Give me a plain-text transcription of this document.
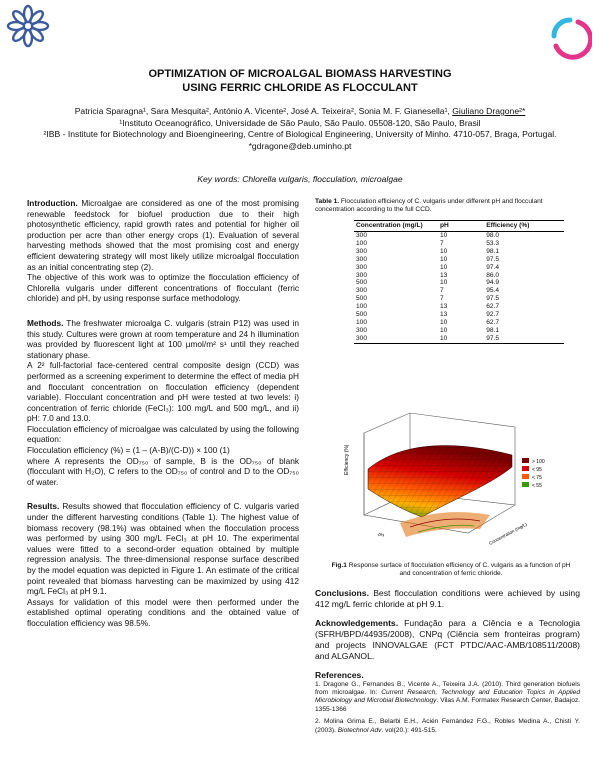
OPTIMIZATION OF MICROALGAL BIOMASS HARVESTING
USING FERRIC CHLORIDE AS FLOCCULANT
Patricia Sparagna¹, Sara Mesquita², António A. Vicente², José A. Teixeira², Sonia M. F. Gianesella¹, Giuliano Dragone²*
¹Instituto Oceanográfico, Universidade de São Paulo, São Paulo. 05508-120, São Paulo, Brasil
²IBB - Institute for Biotechnology and Bioengineering, Centre of Biological Engineering, University of Minho. 4710-057, Braga, Portugal.
*gdragone@deb.uminho.pt
Key words: Chlorella vulgaris, flocculation, microalgae

Introduction. Microalgae are considered as one of the most promising renewable feedstock for biofuel production due to their high photosynthetic efficiency, rapid growth rates and potential for higher oil production per acre than other energy crops (1). Evaluation of several harvesting methods showed that the most promising cost and energy efficient dewatering strategy will most likely utilize microalgal flocculation as an initial concentrating step (2).

The objective of this work was to optimize the flocculation efficiency of Chlorella vulgaris under different concentrations of flocculant (ferric chloride) and pH, by using response surface methodology.

Methods. The freshwater microalga C. vulgaris (strain P12) was used in this study. Cultures were grown at room temperature and 24 h illumination was provided by fluorescent light at 100 µmol/m² s¹ until they reached stationary phase.

A 2² full-factorial face-centered central composite design (CCD) was performed as a screening experiment to determine the effect of media pH and flocculant concentration on flocculation efficiency (dependent variable). Flocculant concentration and pH were tested at two levels: i) concentration of ferric chloride (FeCl₃): 100 mg/L and 500 mg/L, and ii) pH: 7.0 and 13.0.

Flocculation efficiency of microalgae was calculated by using the following equation:

Flocculation efficiency (%) = (1 – (A-B)/(C-D)) × 100 (1)

where A represents the OD₇₅₀ of sample, B is the OD₇₅₀ of blank (flocculant with H₂O), C refers to the OD₇₅₀ of control and D to the OD₇₅₀ of water.

Results. Results showed that flocculation efficiency of C. vulgaris varied under the different harvesting conditions (Table 1). The highest value of biomass recovery (98.1%) was obtained when the flocculation process was performed by using 300 mg/L FeCl₃ at pH 10. The experimental values were fitted to a second-order equation obtained by multiple regression analysis. The three-dimensional response surface described by the model equation was depicted in Figure 1. An estimate of the critical point revealed that biomass harvesting can be maximized by using 412 mg/L FeCl₃ at pH 9.1.

Assays for validation of this model were then performed under the established optimal operating conditions and the obtained value of flocculation efficiency was 98.5%.

Table 1. Flocculation efficiency of C. vulgaris under different pH and flocculant concentration according to the full CCD.
Concentration (mg/L)	pH	Efficiency (%)
300	10	98.0
100	7	53.3
300	10	98.1
300	10	97.5
300	10	97.4
300	13	86.0
500	10	94.9
300	7	95.4
500	7	97.5
100	13	62.7
500	13	92.7
100	10	62.7
300	10	98.1
300	10	97.5
Efficiency (%)
pH	Concentration (mg/L)
> 100
< 95
< 75
< 55
Fig.1 Response surface of flocculation efficiency of C. vulgaris as a function of pH and concentration of ferric chloride.

Conclusions. Best flocculation conditions were achieved by using 412 mg/L ferric chloride at pH 9.1.

Acknowledgements. Fundação para a Ciência e a Tecnologia (SFRH/BPD/44935/2008), CNPq (Ciência sem fronteiras program) and projects INNOVALGAE (FCT PTDC/AAC-AMB/108511/2008) and ALGANOL.

References.

1. Dragone G., Fernandes B., Vicente A., Teixeira J.A. (2010). Third generation biofuels from microalgae. In: Current Research, Technology and Education Topics in Applied Microbiology and Microbial Biotechnology. Vilas A.M. Formatex Research Center, Badajoz. 1355-1366

2. Molina Grima E., Belarbi E.H., Acién Fernández F.G., Robles Medina A., Chisti Y. (2003). Biotechnol Adv. vol(20.): 491-515.
